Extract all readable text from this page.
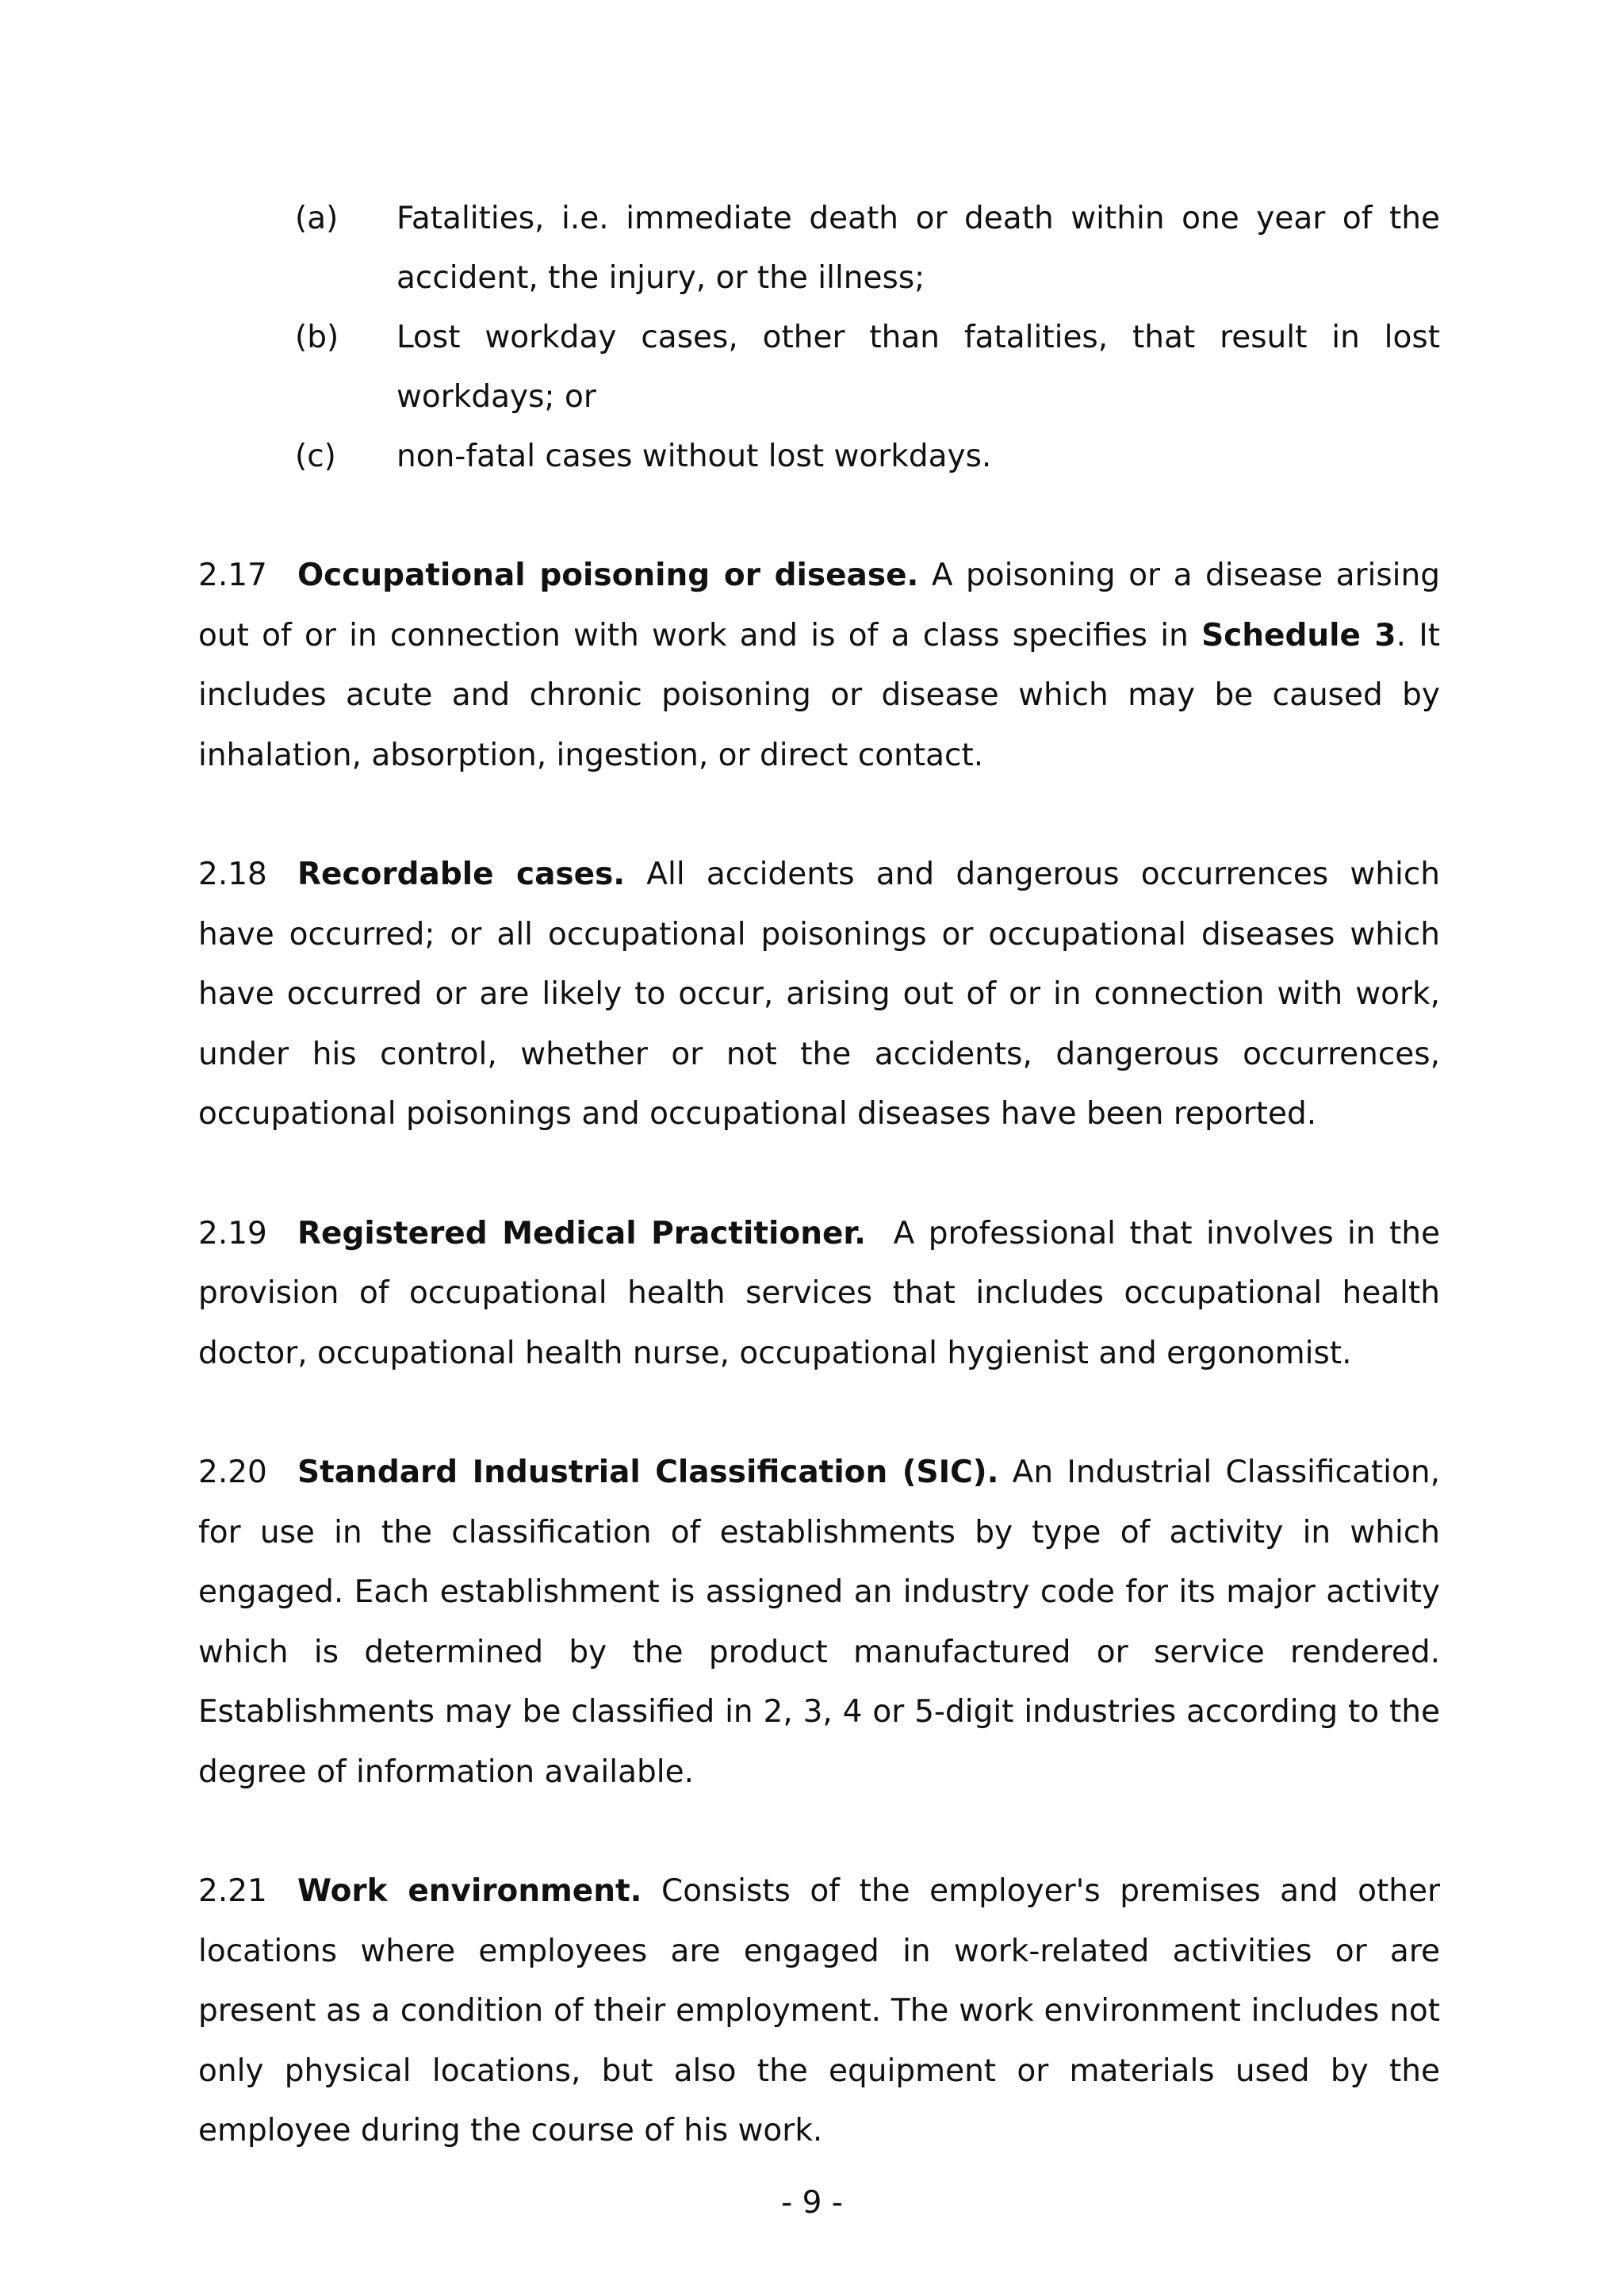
(a) Fatalities, i.e. immediate death or death within one year of the accident, the injury, or the illness;
(b) Lost workday cases, other than fatalities, that result in lost workdays; or
(c) non-fatal cases without lost workdays.

2.17 Occupational poisoning or disease. A poisoning or a disease arising out of or in connection with work and is of a class specifies in Schedule 3. It includes acute and chronic poisoning or disease which may be caused by inhalation, absorption, ingestion, or direct contact.

2.18 Recordable cases. All accidents and dangerous occurrences which have occurred; or all occupational poisonings or occupational diseases which have occurred or are likely to occur, arising out of or in connection with work, under his control, whether or not the accidents, dangerous occurrences, occupational poisonings and occupational diseases have been reported.

2.19 Registered Medical Practitioner.  A professional that involves in the provision of occupational health services that includes occupational health doctor, occupational health nurse, occupational hygienist and ergonomist.

2.20 Standard Industrial Classification (SIC). An Industrial Classification, for use in the classification of establishments by type of activity in which engaged. Each establishment is assigned an industry code for its major activity which is determined by the product manufactured or service rendered. Establishments may be classified in 2, 3, 4 or 5-digit industries according to the degree of information available.

2.21 Work environment. Consists of the employer's premises and other locations where employees are engaged in work-related activities or are present as a condition of their employment. The work environment includes not only physical locations, but also the equipment or materials used by the employee during the course of his work.

- 9 -
